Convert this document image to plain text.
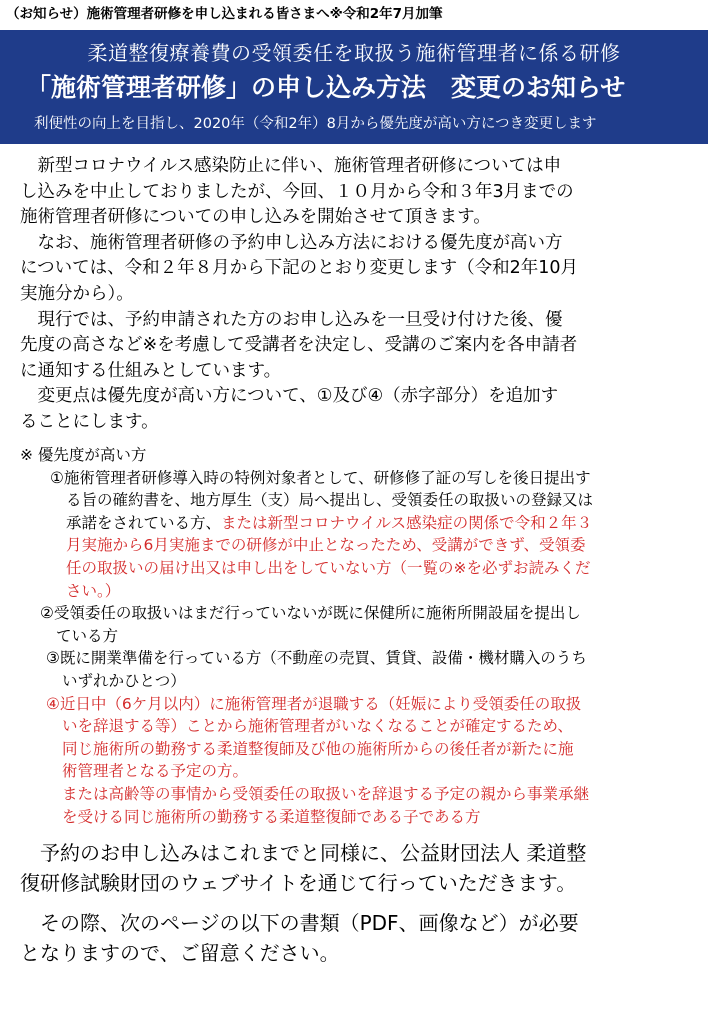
（お知らせ）施術管理者研修を申し込まれる皆さまへ※令和2年7月加筆
柔道整復療養費の受領委任を取扱う施術管理者に係る研修
「施術管理者研修」の申し込み方法　変更のお知らせ
利便性の向上を目指し、2020年（令和2年）8月から優先度が高い方につき変更します

　新型コロナウイルス感染防止に伴い、施術管理者研修については申
し込みを中止しておりましたが、今回、１０月から令和３年3月までの
施術管理者研修についての申し込みを開始させて頂きます。

　なお、施術管理者研修の予約申し込み方法における優先度が高い方
については、令和２年８月から下記のとおり変更します（令和2年10月
実施分から）。

　現行では、予約申請された方のお申し込みを一旦受け付けた後、優
先度の高さなど※を考慮して受講者を決定し、受講のご案内を各申請者
に通知する仕組みとしています。

　変更点は優先度が高い方について、①及び④（赤字部分）を追加す
ることにします。

※ 優先度が高い方

①施術管理者研修導入時の特例対象者として、研修修了証の写しを後日提出す
る旨の確約書を、地方厚生（支）局へ提出し、受領委任の取扱いの登録又は
承諾をされている方、または新型コロナウイルス感染症の関係で令和２年３
月実施から6月実施までの研修が中止となったため、受講ができず、受領委
任の取扱いの届け出又は申し出をしていない方（一覧の※を必ずお読みくだ
さい。）

②受領委任の取扱いはまだ行っていないが既に保健所に施術所開設届を提出し
ている方

③既に開業準備を行っている方（不動産の売買、賃貸、設備・機材購入のうち
いずれかひとつ）

④近日中（6ケ月以内）に施術管理者が退職する（妊娠により受領委任の取扱
いを辞退する等）ことから施術管理者がいなくなることが確定するため、
同じ施術所の勤務する柔道整復師及び他の施術所からの後任者が新たに施
術管理者となる予定の方。
または高齢等の事情から受領委任の取扱いを辞退する予定の親から事業承継
を受ける同じ施術所の勤務する柔道整復師である子である方

　予約のお申し込みはこれまでと同様に、公益財団法人 柔道整
復研修試験財団のウェブサイトを通じて行っていただきます。

　その際、次のページの以下の書類（PDF、画像など）が必要
となりますので、ご留意ください。
